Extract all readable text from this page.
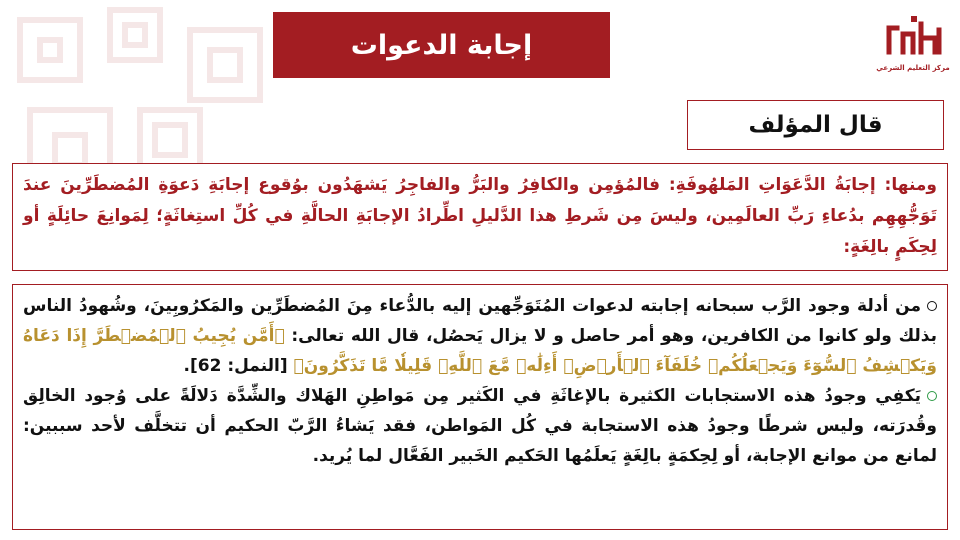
إجابة الدعوات
مركز التعليم الشرعي
قال المؤلف

ومنها: إجابَةُ الدَّعَوَاتِ المَلهُوفَةِ: فالمُؤمِن والكافِرُ والبَرُّ والفاجِرُ يَشهَدُون بوُقوع إجابَةِ دَعوَةِ المُضطَرِّينَ عندَ تَوَجُّهِهِم بدُعاءِ رَبِّ العالَمِين، وليسَ مِن شَرطِ هذا الدَّليلِ اطِّرادُ الإجابَةِ الحالَّةِ في كُلِّ استِغاثَةٍ؛ لِمَوانِعَ حائِلَةٍ أو لِحِكَمٍ بالِغَةٍ:

من أدلة وجود الرَّب سبحانه إجابته لدعوات المُتَوَجِّهين إليه بالدُّعاء مِنَ المُضطَرِّين والمَكرُوبِينَ، وشُهودُ الناس بذلك ولو كانوا من الكافرين، وهو أمر حاصل و لا يزال يَحصُل، قال الله تعالى: ﴿أَمَّن يُجِيبُ ٱلۡمُضۡطَرَّ إِذَا دَعَاهُ وَيَكۡشِفُ ٱلسُّوٓءَ وَيَجۡعَلُكُمۡ خُلَفَآءَ ٱلۡأَرۡضِۗ أَءِلَٰهٞ مَّعَ ٱللَّهِۚ قَلِيلٗا مَّا تَذَكَّرُونَ﴾ [النمل: 62].

يَكفِي وجودُ هذه الاستجابات الكثيرة بالإغاثَةِ في الكَثير مِن مَواطِنِ الهَلاك والشِّدَّة دَلالَةً على وُجود الخالِق وقُدرَته، وليس شرطًا وجودُ هذه الاستجابة في كُل المَواطن، فقد يَشاءُ الرَّبّ الحكيم أن تتخلَّف لأحد سببين: لمانع من موانع الإجابة، أو لِحِكمَةٍ بالِغَةٍ يَعلَمُها الحَكيم الخَبير الفَعَّال لما يُريد.
